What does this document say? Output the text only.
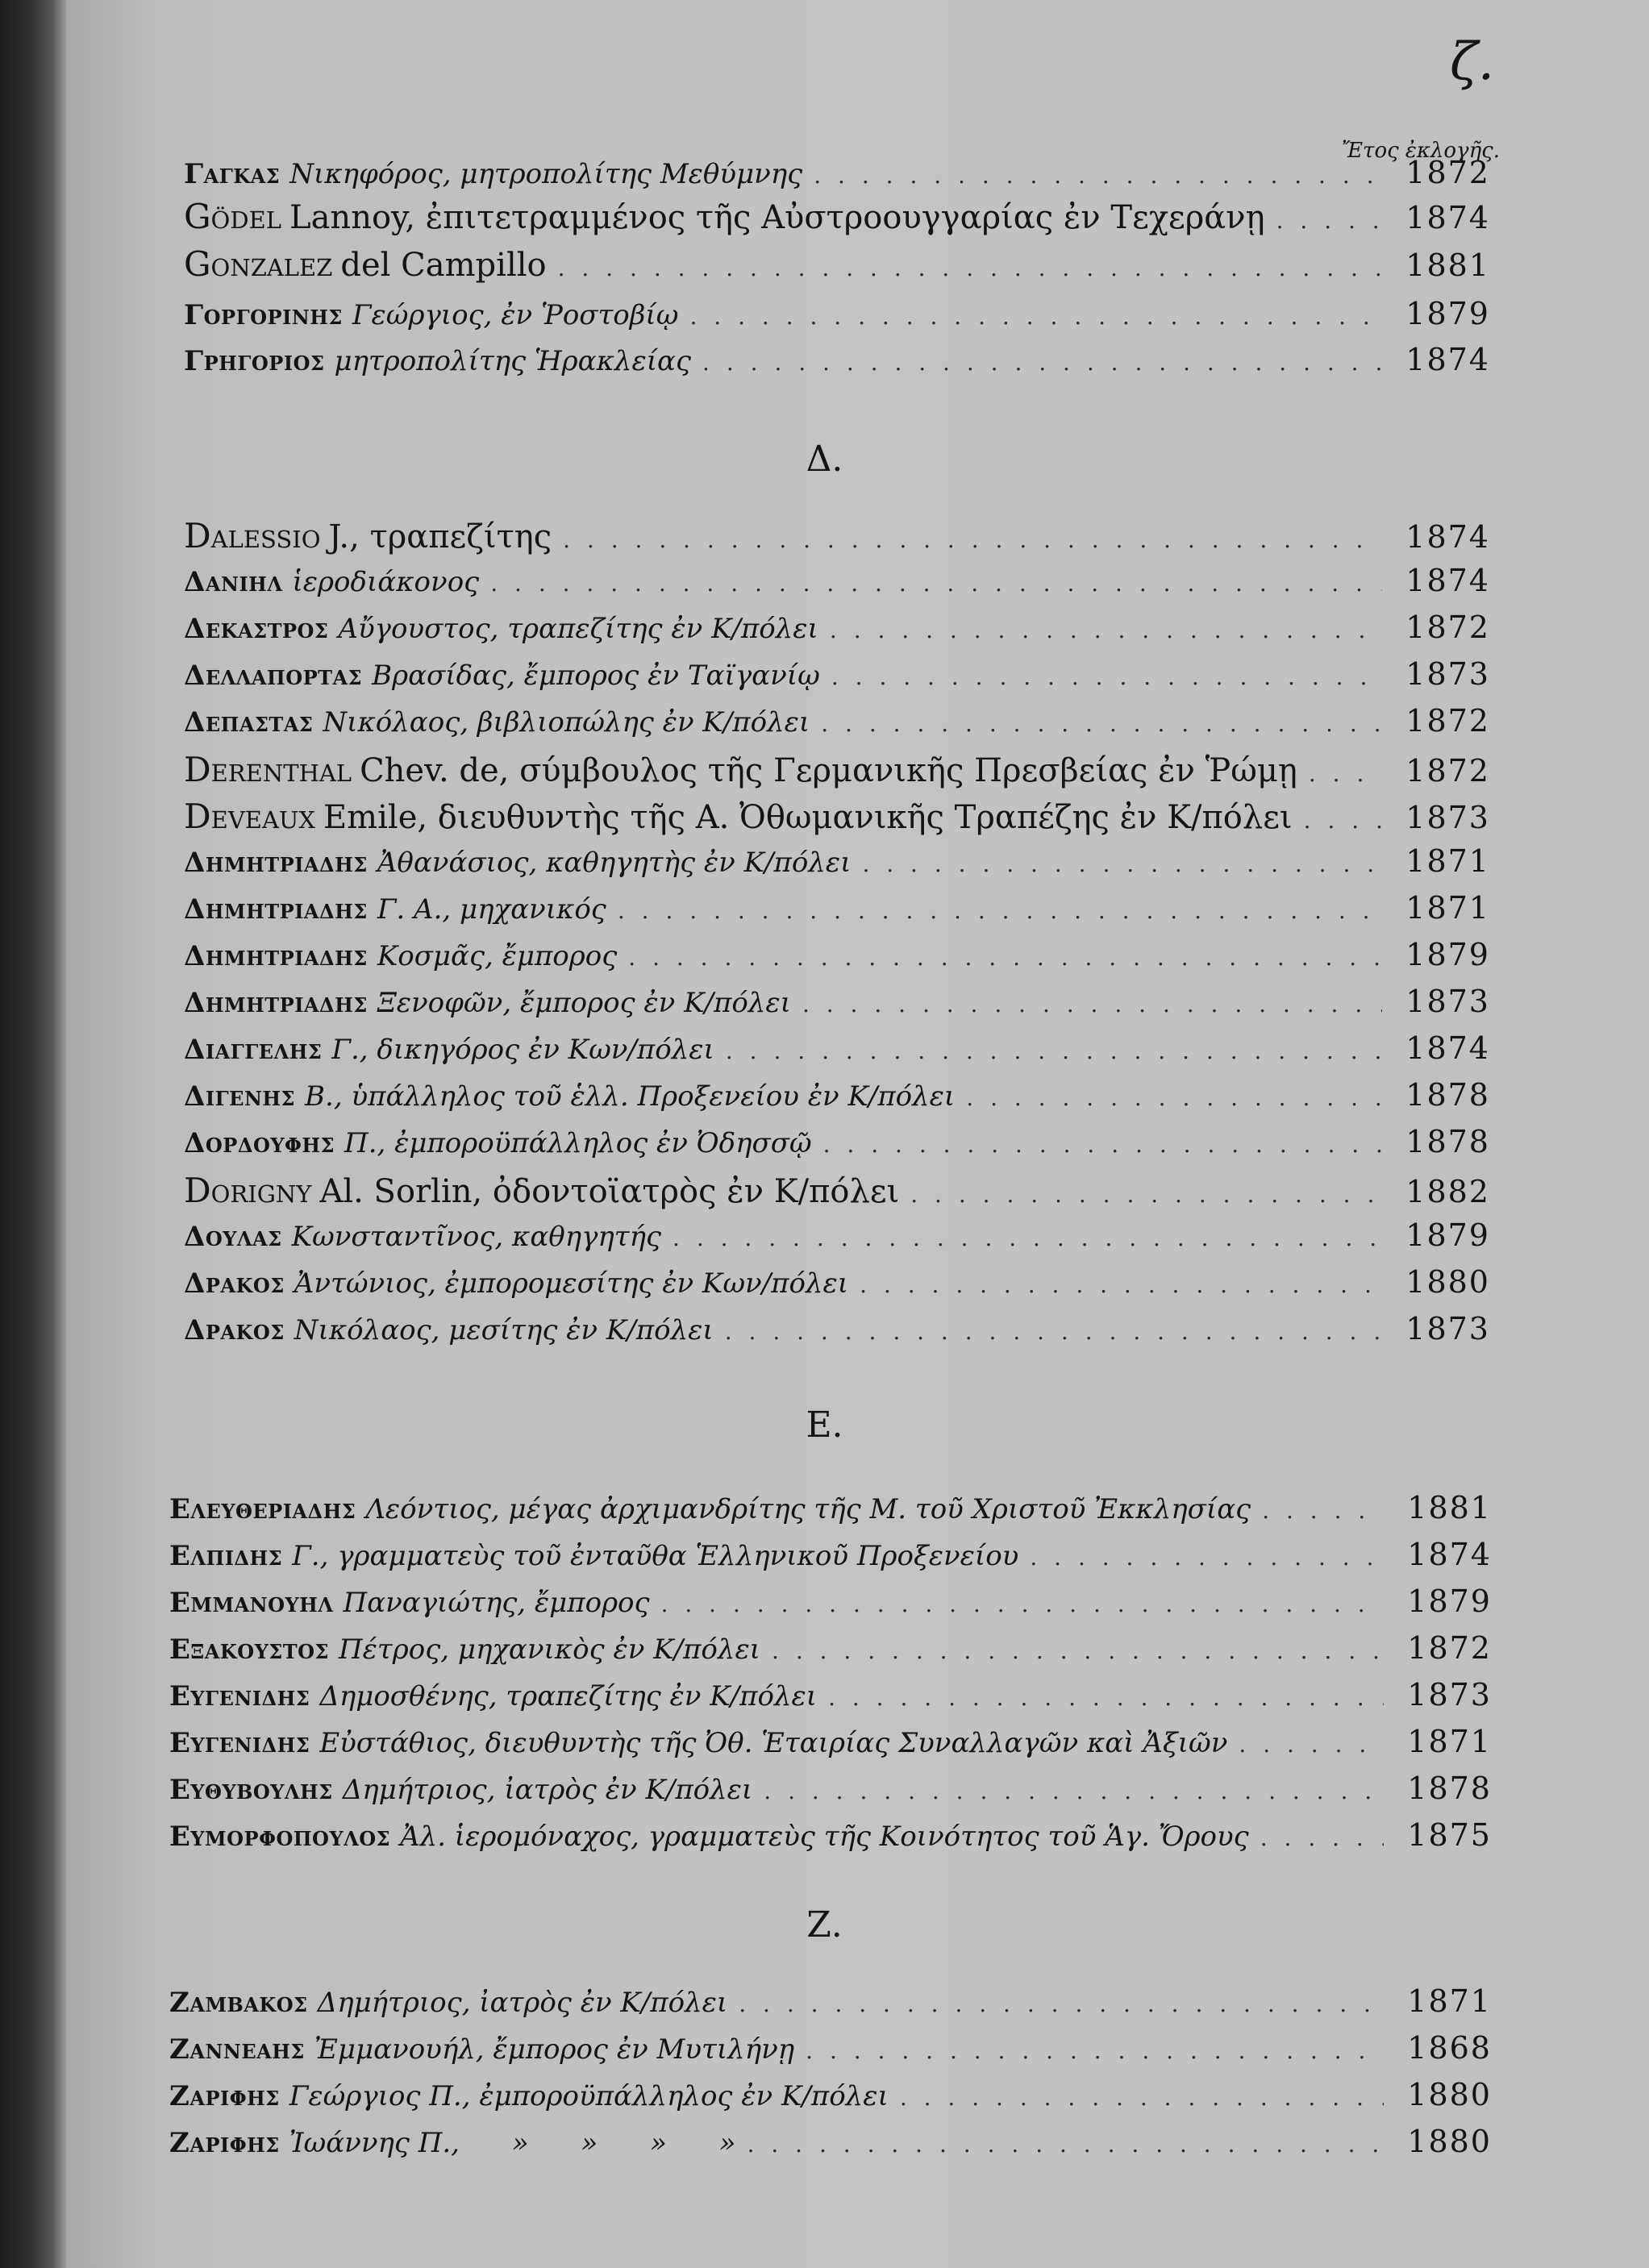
ζ.
Ἔτος ἐκλογῆς.
Γαγκας Νικηφόρος, μητροπολίτης Μεθύμνης . . .	1872
Gödel Lannoy, ἐπιτετραμμένος τῆς Αὐστροουγγαρίας ἐν Τεχεράνῃ . . .	1874
Gonzalez del Campillo . . .	1881
Γοργορινης Γεώργιος, ἐν Ῥοστοβίῳ . . .	1879
Γρηγοριος μητροπολίτης Ἡρακλείας . . .	1874
Δ.
Dalessio J., τραπεζίτης . . .	1874
Δανιηλ ἱεροδιάκονος . . .	1874
Δεκαστρος Αὔγουστος, τραπεζίτης ἐν Κ/πόλει . . .	1872
Δελλαπορτας Βρασίδας, ἔμπορος ἐν Ταϊγανίῳ . . .	1873
Δεπαστας Νικόλαος, βιβλιοπώλης ἐν Κ/πόλει . . .	1872
Derenthal Chev. de, σύμβουλος τῆς Γερμανικῆς Πρεσβείας ἐν Ῥώμῃ . . .	1872
Deveaux Emile, διευθυντὴς τῆς Α. Ὀθωμανικῆς Τραπέζης ἐν Κ/πόλει . . .	1873
Δημητριαδης Ἀθανάσιος, καθηγητὴς ἐν Κ/πόλει . . .	1871
Δημητριαδης Γ. Α., μηχανικός . . .	1871
Δημητριαδης Κοσμᾶς, ἔμπορος . . .	1879
Δημητριαδης Ξενοφῶν, ἔμπορος ἐν Κ/πόλει . . .	1873
Διαγγελης Γ., δικηγόρος ἐν Κων/πόλει . . .	1874
Διγενης Β., ὑπάλληλος τοῦ ἑλλ. Προξενείου ἐν Κ/πόλει . . .	1878
Δορδουφης Π., ἐμποροϋπάλληλος ἐν Ὀδησσῷ . . .	1878
Dorigny Al. Sorlin, ὀδοντοϊατρὸς ἐν Κ/πόλει . . .	1882
Δουλας Κωνσταντῖνος, καθηγητής . . .	1879
Δρακος Ἀντώνιος, ἐμπορομεσίτης ἐν Κων/πόλει . . .	1880
Δρακος Νικόλαος, μεσίτης ἐν Κ/πόλει . . .	1873
Ε.
Ελευθεριαδης Λεόντιος, μέγας ἀρχιμανδρίτης τῆς Μ. τοῦ Χριστοῦ Ἐκκλησίας . . .	1881
Ελπιδης Γ., γραμματεὺς τοῦ ἐνταῦθα Ἑλληνικοῦ Προξενείου . . .	1874
Εμμανουηλ Παναγιώτης, ἔμπορος . . .	1879
Εξακουστος Πέτρος, μηχανικὸς ἐν Κ/πόλει . . .	1872
Ευγενιδης Δημοσθένης, τραπεζίτης ἐν Κ/πόλει . . .	1873
Ευγενιδης Εὐστάθιος, διευθυντὴς τῆς Ὀθ. Ἑταιρίας Συναλλαγῶν καὶ Ἀξιῶν . . .	1871
Ευθυβουλης Δημήτριος, ἰατρὸς ἐν Κ/πόλει . . .	1878
Ευμορφοπουλος Ἀλ. ἱερομόναχος, γραμματεὺς τῆς Κοινότητος τοῦ Ἁγ. Ὄρους . . .	1875
Ζ.
Ζαμβακος Δημήτριος, ἰατρὸς ἐν Κ/πόλει . . .	1871
Ζαννεαης Ἐμμανουήλ, ἔμπορος ἐν Μυτιλήνῃ . . .	1868
Ζαριφης Γεώργιος Π., ἐμποροϋπάλληλος ἐν Κ/πόλει . . .	1880
Ζαριφης Ἰωάννης Π.,      »      »      »      » . . .	1880
